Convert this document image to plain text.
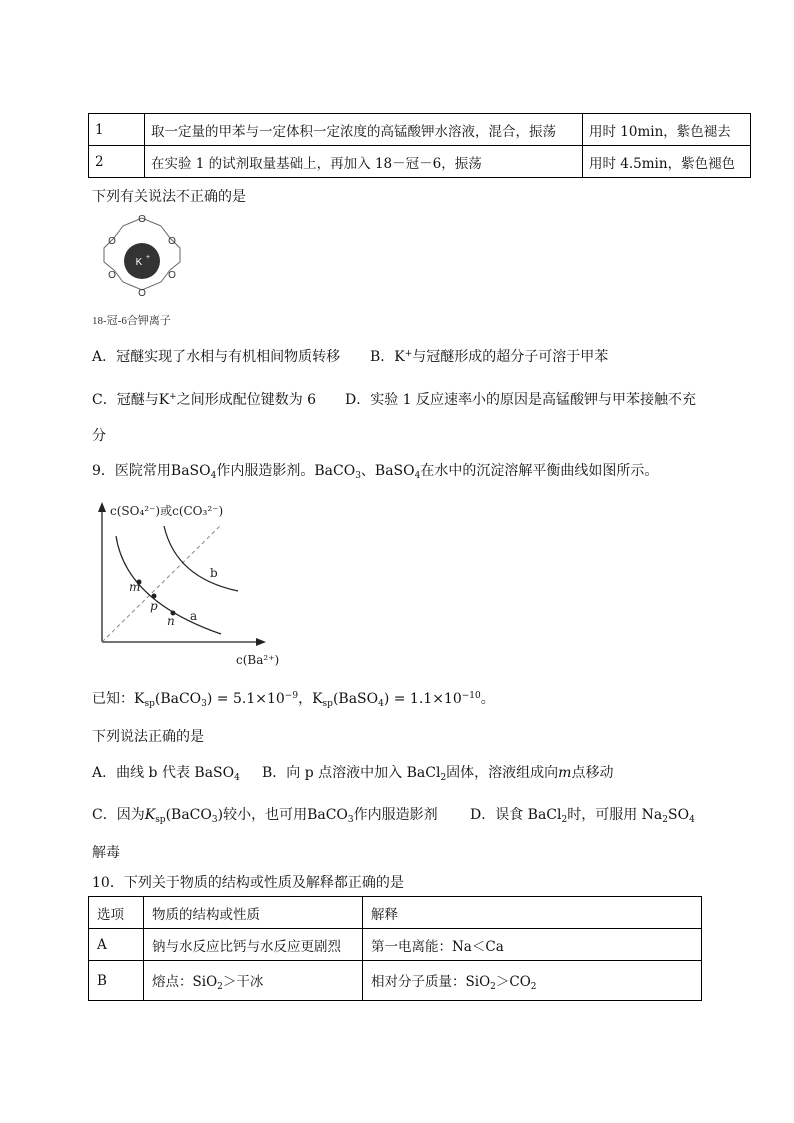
1	取一定量的甲苯与一定体积一定浓度的高锰酸钾水溶液，混合，振荡	用时 10min，紫色褪去
2	在实验 1 的试剂取量基础上，再加入 18－冠－6，振荡	用时 4.5min，紫色褪色
下列有关说法不正确的是
O
O
O
O
O
O
K +
18-冠-6合钾离子
A．冠醚实现了水相与有机相间物质转移 B．K+与冠醚形成的超分子可溶于甲苯
C．冠醚与K+之间形成配位键数为 6 D．实验 1 反应速率小的原因是高锰酸钾与甲苯接触不充
分
9．医院常用BaSO$_4$作内服造影剂。BaCO$_3$、BaSO$_4$在水中的沉淀溶解平衡曲线如图所示。
c(SO₄²⁻)或c(CO₃²⁻)
c(Ba²⁺)
a
b
m
p
n
已知：$K_{sp}(BaCO_3) = 5.1\times 10^{-9}$，$K_{sp}(BaSO_4) = 1.1\times 10^{-10}$。
下列说法正确的是
A．曲线 b 代表 BaSO$_4$ B．向 p 点溶液中加入 BaCl$_2$固体，溶液组成向m点移动
C．因为$K_{sp}(BaCO_3)$较小，也可用BaCO$_3$作内服造影剂 D．误食 BaCl$_2$时，可服用 $Na_2SO_4$
解毒
10．下列关于物质的结构或性质及解释都正确的是
选项	物质的结构或性质	解释
A	钠与水反应比钙与水反应更剧烈	第一电离能：Na＜Ca
B	熔点：SiO$_2$＞干冰	相对分子质量：$SiO_2>CO_2$
